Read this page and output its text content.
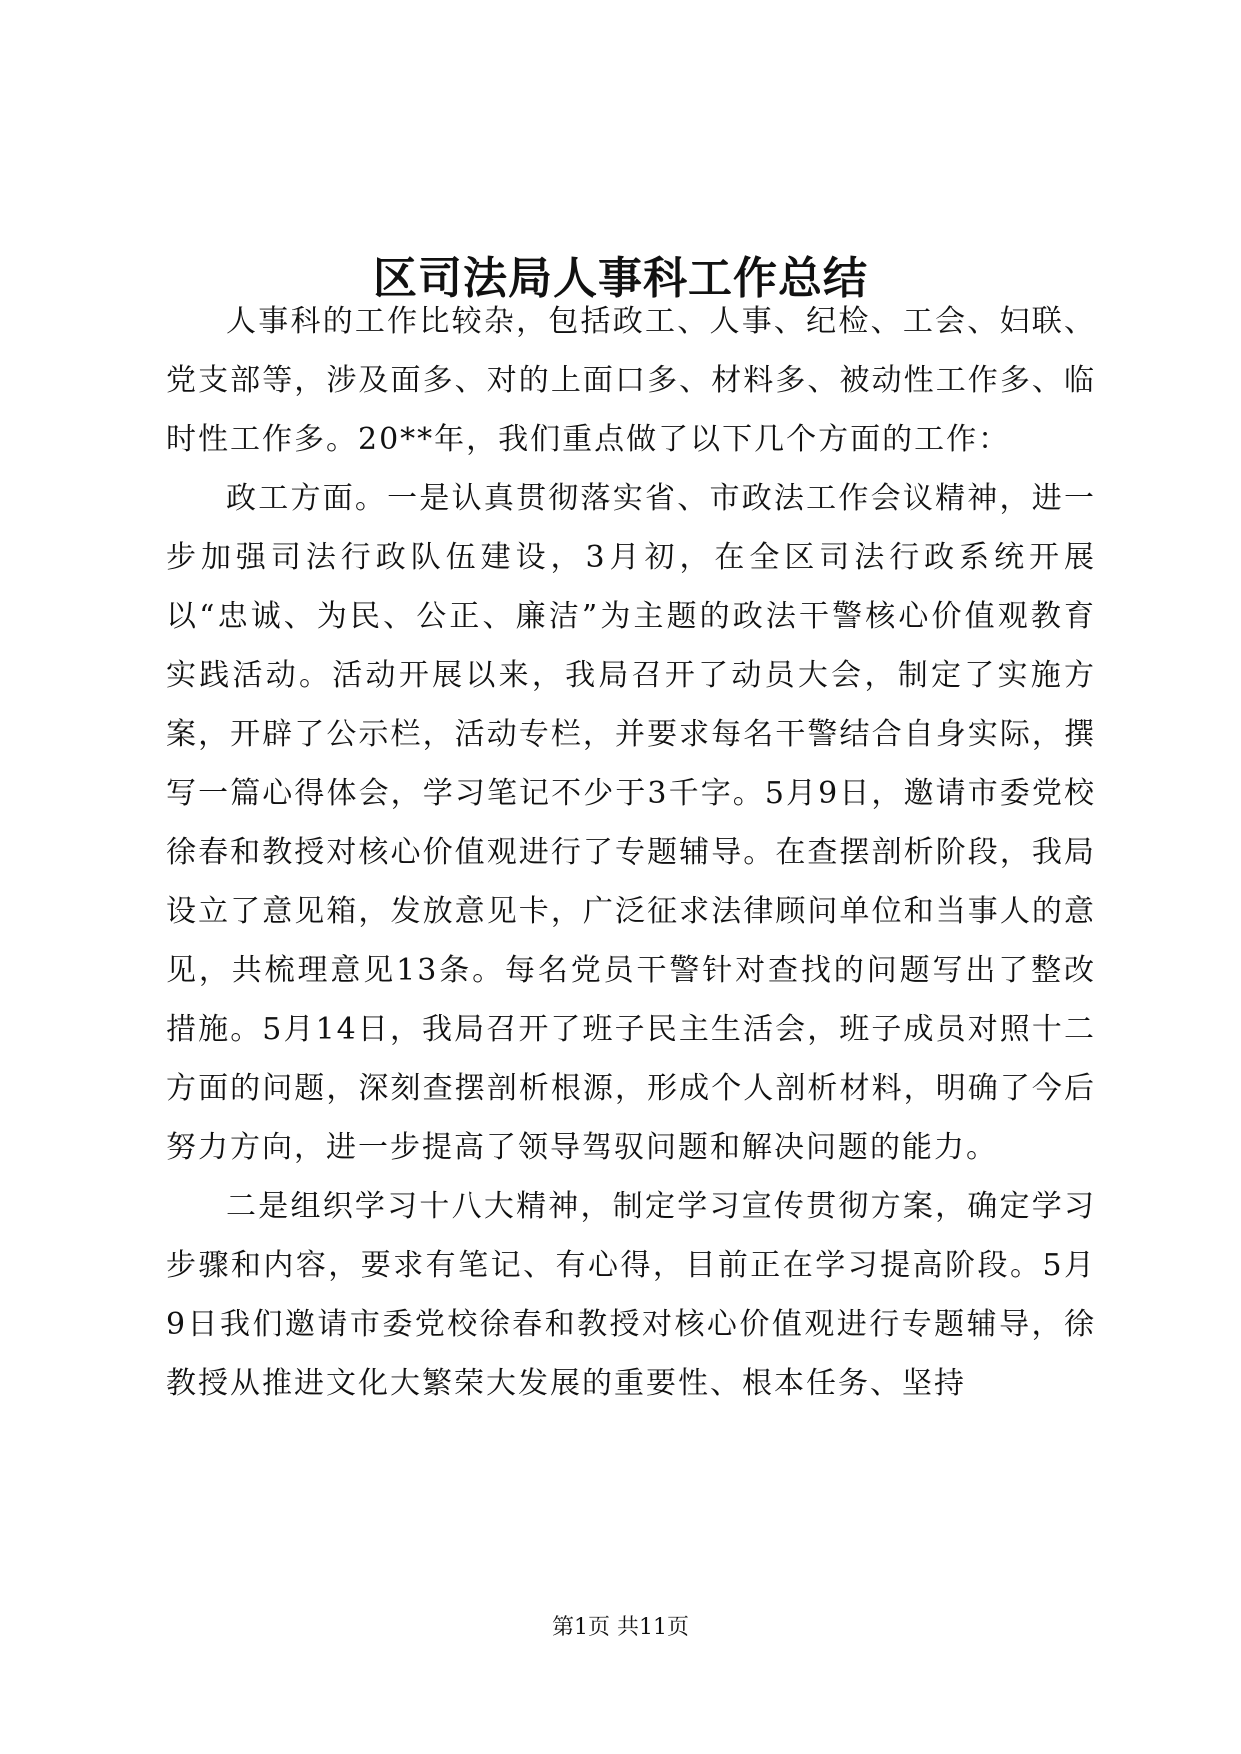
区司法局人事科工作总结

人事科的工作比较杂，包括政工、人事、纪检、工会、妇联、党支部等，涉及面多、对的上面口多、材料多、被动性工作多、临时性工作多。20**年，我们重点做了以下几个方面的工作：

政工方面。一是认真贯彻落实省、市政法工作会议精神，进一步加强司法行政队伍建设，3月初，在全区司法行政系统开展以“忠诚、为民、公正、廉洁”为主题的政法干警核心价值观教育实践活动。活动开展以来，我局召开了动员大会，制定了实施方案，开辟了公示栏，活动专栏，并要求每名干警结合自身实际，撰写一篇心得体会，学习笔记不少于3千字。5月9日，邀请市委党校徐春和教授对核心价值观进行了专题辅导。在查摆剖析阶段，我局设立了意见箱，发放意见卡，广泛征求法律顾问单位和当事人的意见，共梳理意见13条。每名党员干警针对查找的问题写出了整改措施。5月14日，我局召开了班子民主生活会，班子成员对照十二方面的问题，深刻查摆剖析根源，形成个人剖析材料，明确了今后努力方向，进一步提高了领导驾驭问题和解决问题的能力。

二是组织学习十八大精神，制定学习宣传贯彻方案，确定学习步骤和内容，要求有笔记、有心得，目前正在学习提高阶段。5月9日我们邀请市委党校徐春和教授对核心价值观进行专题辅导，徐教授从推进文化大繁荣大发展的重要性、根本任务、坚持

第1页 共11页
